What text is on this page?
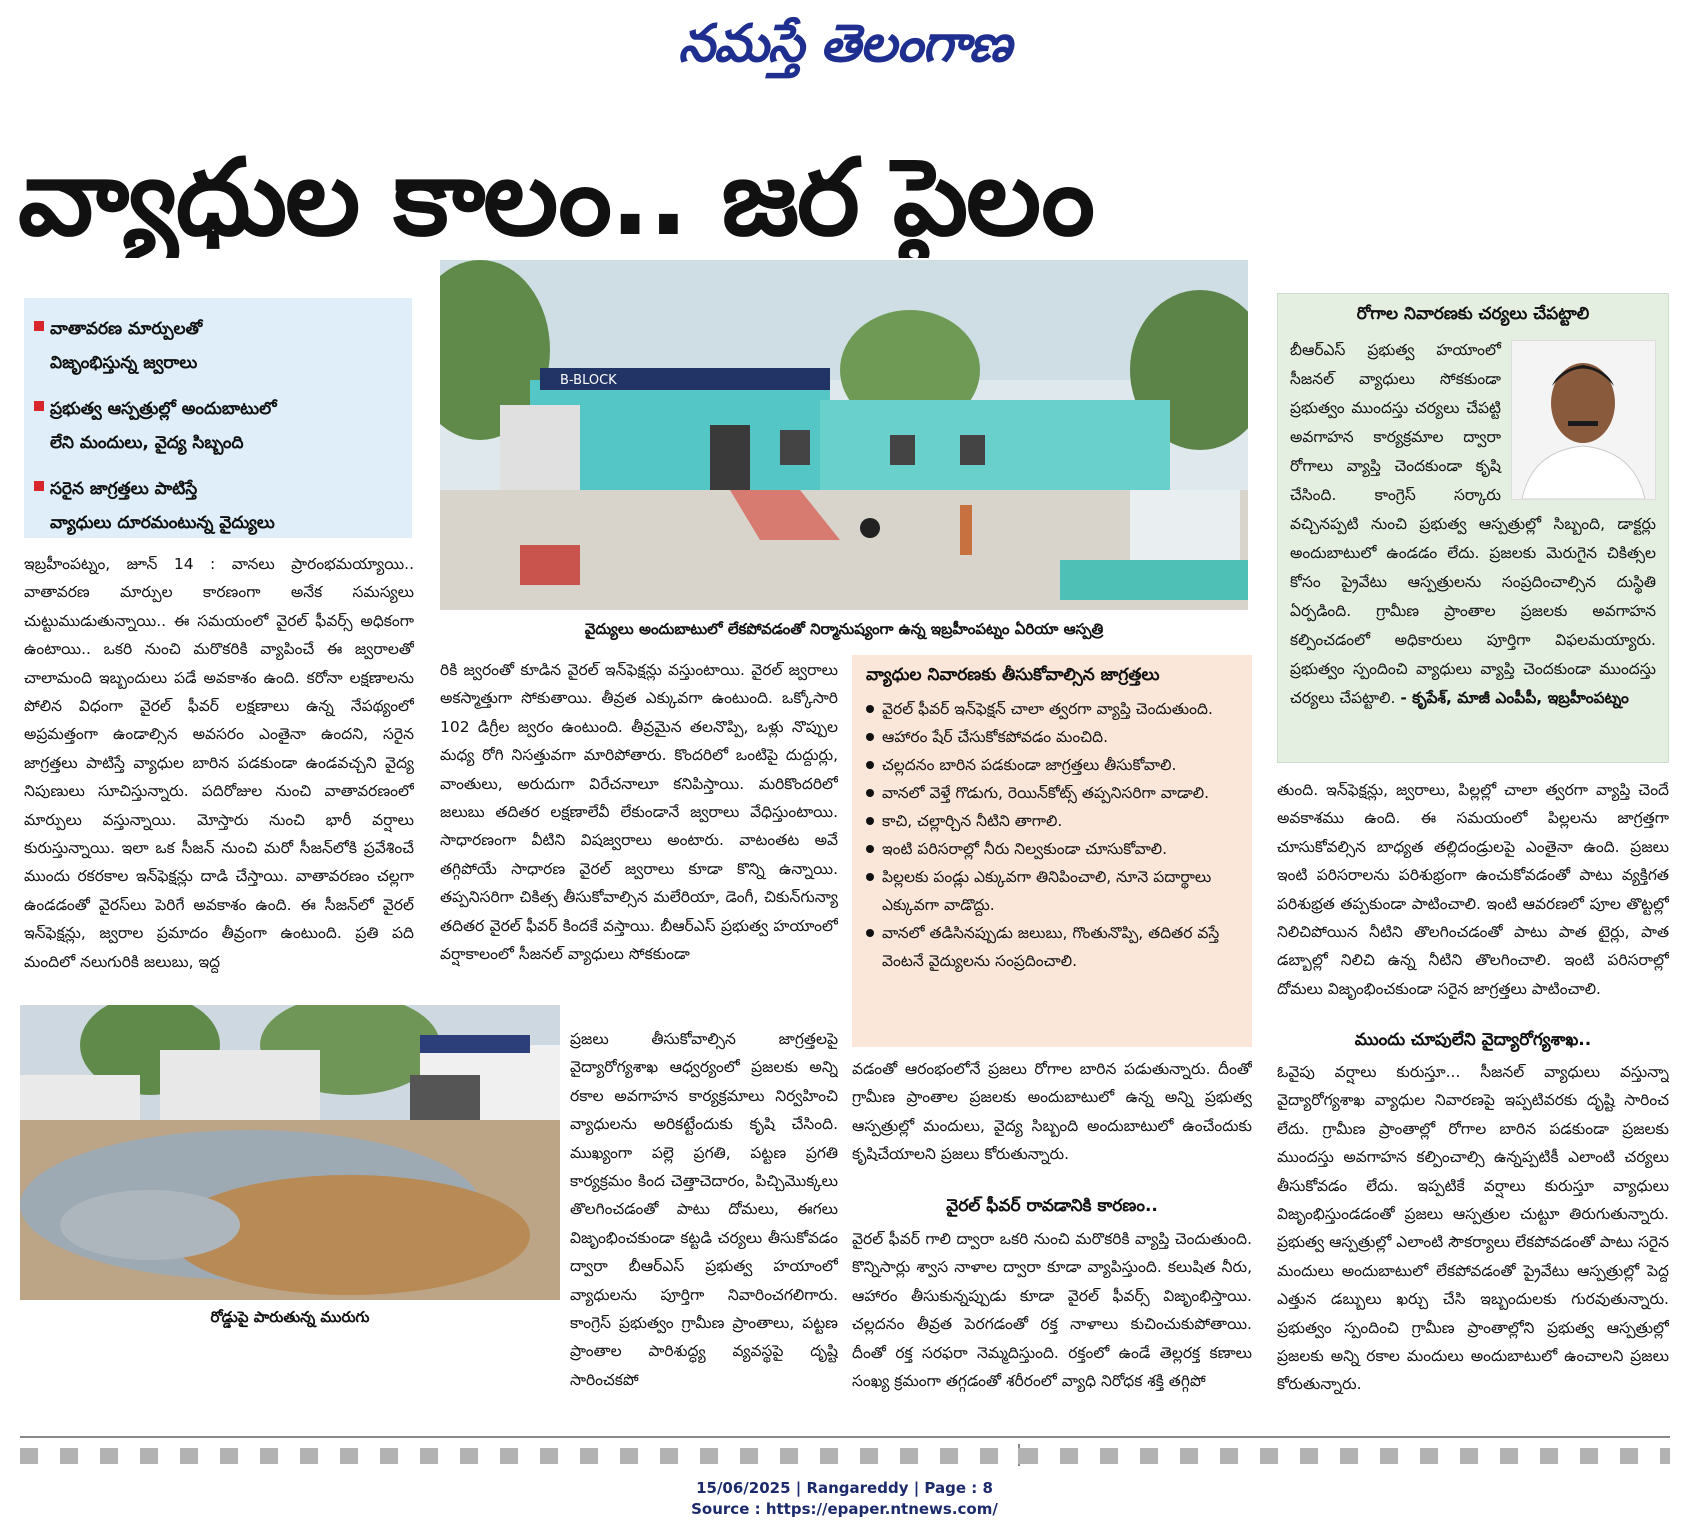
నమస్తే తెలంగాణ
వ్యాధుల కాలం.. జర పైలం
వాతావరణ మార్పులతో
విజృంభిస్తున్న జ్వరాలు
ప్రభుత్వ ఆస్పత్రుల్లో అందుబాటులో
లేని మందులు, వైద్య సిబ్బంది
సరైన జాగ్రత్తలు పాటిస్తే
వ్యాధులు దూరమంటున్న వైద్యులు
B-BLOCK
వైద్యులు అందుబాటులో లేకపోవడంతో నిర్మానుష్యంగా ఉన్న ఇబ్రహీంపట్నం ఏరియా ఆస్పత్రి
రోడ్డుపై పారుతున్న మురుగు

ఇబ్రహీంపట్నం, జూన్ 14 : వానలు ప్రారంభమయ్యాయి.. వాతావరణ మార్పుల కారణంగా అనేక సమస్యలు చుట్టుముడుతున్నాయి.. ఈ సమయంలో వైరల్ ఫీవర్స్ అధికంగా ఉంటాయి.. ఒకరి నుంచి మరొకరికి వ్యాపించే ఈ జ్వరాలతో చాలామంది ఇబ్బందులు పడే అవకాశం ఉంది. కరోనా లక్షణాలను పోలిన విధంగా వైరల్ ఫీవర్ లక్షణాలు ఉన్న నేపథ్యంలో అప్రమత్తంగా ఉండాల్సిన అవసరం ఎంతైనా ఉందని, సరైన జాగ్రత్తలు పాటిస్తే వ్యాధుల బారిన పడకుండా ఉండవచ్చని వైద్య నిపుణులు సూచిస్తున్నారు. పదిరోజుల నుంచి వాతావరణంలో మార్పులు వస్తున్నాయి. మోస్తారు నుంచి భారీ వర్షాలు కురుస్తున్నాయి. ఇలా ఒక సీజన్ నుంచి మరో సీజన్‌లోకి ప్రవేశించే ముందు రకరకాల ఇన్‌ఫెక్షన్లు దాడి చేస్తాయి. వాతావరణం చల్లగా ఉండడంతో వైరస్‌లు పెరిగే అవకాశం ఉంది. ఈ సీజన్‌లో వైరల్ ఇన్‌ఫెక్షన్లు, జ్వరాల ప్రమాదం తీవ్రంగా ఉంటుంది. ప్రతి పది మందిలో నలుగురికి జలుబు, ఇద్ద

రికి జ్వరంతో కూడిన వైరల్ ఇన్‌ఫెక్షన్లు వస్తుంటాయి. వైరల్ జ్వరాలు అకస్మాత్తుగా సోకుతాయి. తీవ్రత ఎక్కువగా ఉంటుంది. ఒక్కోసారి 102 డిగ్రీల జ్వరం ఉంటుంది. తీవ్రమైన తలనొప్పి, ఒళ్లు నొప్పుల మధ్య రోగి నిసత్తువగా మారిపోతారు. కొందరిలో ఒంటిపై దుద్దుర్లు, వాంతులు, అరుదుగా విరేచనాలూ కనిపిస్తాయి. మరికొందరిలో జలుబు తదితర లక్షణాలేవీ లేకుండానే జ్వరాలు వేధిస్తుంటాయి. సాధారణంగా వీటిని విషజ్వరాలు అంటారు. వాటంతట అవే తగ్గిపోయే సాధారణ వైరల్ జ్వరాలు కూడా కొన్ని ఉన్నాయి. తప్పనిసరిగా చికిత్స తీసుకోవాల్సిన మలేరియా, డెంగీ, చికున్‌గున్యా తదితర వైరల్ ఫీవర్ కిందకే వస్తాయి. బీఆర్‌ఎస్ ప్రభుత్వ హయాంలో వర్షాకాలంలో సీజనల్ వ్యాధులు సోకకుండా

ప్రజలు తీసుకోవాల్సిన జాగ్రత్తలపై వైద్యారోగ్యశాఖ ఆధ్వర్యంలో ప్రజలకు అన్ని రకాల అవగాహన కార్యక్రమాలు నిర్వహించి వ్యాధులను అరికట్టేందుకు కృషి చేసింది. ముఖ్యంగా పల్లె ప్రగతి, పట్టణ ప్రగతి కార్యక్రమం కింద చెత్తాచెదారం, పిచ్చిమొక్కలు తొలగించడంతో పాటు దోమలు, ఈగలు విజృంభించకుండా కట్టడి చర్యలు తీసుకోవడం ద్వారా బీఆర్‌ఎస్ ప్రభుత్వ హయాంలో వ్యాధులను పూర్తిగా నివారించగలిగారు. కాంగ్రెస్ ప్రభుత్వం గ్రామీణ ప్రాంతాలు, పట్టణ ప్రాంతాల పారిశుద్ధ్య వ్యవస్థపై దృష్టి సారించకపో

వ్యాధుల నివారణకు తీసుకోవాల్సిన జాగ్రత్తలు
వైరల్ ఫీవర్ ఇన్‌ఫెక్షన్ చాలా త్వరగా వ్యాప్తి చెందుతుంది.
ఆహారం షేర్ చేసుకోకపోవడం మంచిది.
చల్లదనం బారిన పడకుండా జాగ్రత్తలు తీసుకోవాలి.
వానలో వెళ్తే గొడుగు, రెయిన్‌కోట్స్ తప్పనిసరిగా వాడాలి.
కాచి, చల్లార్చిన నీటిని తాగాలి.
ఇంటి పరిసరాల్లో నీరు నిల్వకుండా చూసుకోవాలి.
పిల్లలకు పండ్లు ఎక్కువగా తినిపించాలి, నూనె పదార్థాలు ఎక్కువగా వాడొద్దు.
వానలో తడిసినప్పుడు జలుబు, గొంతునొప్పి, తదితర వస్తే వెంటనే వైద్యులను సంప్రదించాలి.

వడంతో ఆరంభంలోనే ప్రజలు రోగాల బారిన పడుతున్నారు. దీంతో గ్రామీణ ప్రాంతాల ప్రజలకు అందుబాటులో ఉన్న అన్ని ప్రభుత్వ ఆస్పత్రుల్లో మందులు, వైద్య సిబ్బంది అందుబాటులో ఉంచేందుకు కృషిచేయాలని ప్రజలు కోరుతున్నారు.

వైరల్ ఫీవర్ రావడానికి కారణం..

వైరల్ ఫీవర్ గాలి ద్వారా ఒకరి నుంచి మరొకరికి వ్యాప్తి చెందుతుంది. కొన్నిసార్లు శ్వాస నాళాల ద్వారా కూడా వ్యాపిస్తుంది. కలుషిత నీరు, ఆహారం తీసుకున్నప్పుడు కూడా వైరల్ ఫీవర్స్ విజృంభిస్తాయి. చల్లదనం తీవ్రత పెరగడంతో రక్త నాళాలు కుచించుకుపోతాయి. దీంతో రక్త సరఫరా నెమ్మదిస్తుంది. రక్తంలో ఉండే తెల్లరక్త కణాలు సంఖ్య క్రమంగా తగ్గడంతో శరీరంలో వ్యాధి నిరోధక శక్తి తగ్గిపో

రోగాల నివారణకు చర్యలు చేపట్టాలి
బీఆర్‌ఎస్ ప్రభుత్వ హయాంలో సీజనల్ వ్యాధులు సోకకుండా ప్రభుత్వం ముందస్తు చర్యలు చేపట్టి అవగాహన కార్యక్రమాల ద్వారా రోగాలు వ్యాప్తి చెందకుండా కృషి చేసింది. కాంగ్రెస్ సర్కారు వచ్చినప్పటి నుంచి ప్రభుత్వ ఆస్పత్రుల్లో సిబ్బంది, డాక్టర్లు అందుబాటులో ఉండడం లేదు. ప్రజలకు మెరుగైన చికిత్సల కోసం ప్రైవేటు ఆస్పత్రులను సంప్రదించాల్సిన దుస్థితి ఏర్పడింది. గ్రామీణ ప్రాంతాల ప్రజలకు అవగాహన కల్పించడంలో అధికారులు పూర్తిగా విఫలమయ్యారు. ప్రభుత్వం స్పందించి వ్యాధులు వ్యాప్తి చెందకుండా ముందస్తు చర్యలు చేపట్టాలి. - కృపేశ్, మాజీ ఎంపీపీ, ఇబ్రహీంపట్నం

తుంది. ఇన్‌ఫెక్షన్లు, జ్వరాలు, పిల్లల్లో చాలా త్వరగా వ్యాప్తి చెందే అవకాశము ఉంది. ఈ సమయంలో పిల్లలను జాగ్రత్తగా చూసుకోవల్సిన బాధ్యత తల్లిదండ్రులపై ఎంతైనా ఉంది. ప్రజలు ఇంటి పరిసరాలను పరిశుభ్రంగా ఉంచుకోవడంతో పాటు వ్యక్తిగత పరిశుభ్రత తప్పకుండా పాటించాలి. ఇంటి ఆవరణలో పూల తొట్టల్లో నిలిచిపోయిన నీటిని తొలగించడంతో పాటు పాత టైర్లు, పాత డబ్బాల్లో నిలిచి ఉన్న నీటిని తొలగించాలి. ఇంటి పరిసరాల్లో దోమలు విజృంభించకుండా సరైన జాగ్రత్తలు పాటించాలి.

ముందు చూపులేని వైద్యారోగ్యశాఖ..

ఓవైపు వర్షాలు కురుస్తూ... సీజనల్ వ్యాధులు వస్తున్నా వైద్యారోగ్యశాఖ వ్యాధుల నివారణపై ఇప్పటివరకు దృష్టి సారించ లేదు. గ్రామీణ ప్రాంతాల్లో రోగాల బారిన పడకుండా ప్రజలకు ముందస్తు అవగాహన కల్పించాల్సి ఉన్నప్పటికీ ఎలాంటి చర్యలు తీసుకోవడం లేదు. ఇప్పటికే వర్షాలు కురుస్తూ వ్యాధులు విజృంభిస్తుండడంతో ప్రజలు ఆస్పత్రుల చుట్టూ తిరుగుతున్నారు. ప్రభుత్వ ఆస్పత్రుల్లో ఎలాంటి సౌకర్యాలు లేకపోవడంతో పాటు సరైన మందులు అందుబాటులో లేకపోవడంతో ప్రైవేటు ఆస్పత్రుల్లో పెద్ద ఎత్తున డబ్బులు ఖర్చు చేసి ఇబ్బందులకు గురవుతున్నారు. ప్రభుత్వం స్పందించి గ్రామీణ ప్రాంతాల్లోని ప్రభుత్వ ఆస్పత్రుల్లో ప్రజలకు అన్ని రకాల మందులు అందుబాటులో ఉంచాలని ప్రజలు కోరుతున్నారు.

15/06/2025 | Rangareddy | Page : 8
Source : https://epaper.ntnews.com/
